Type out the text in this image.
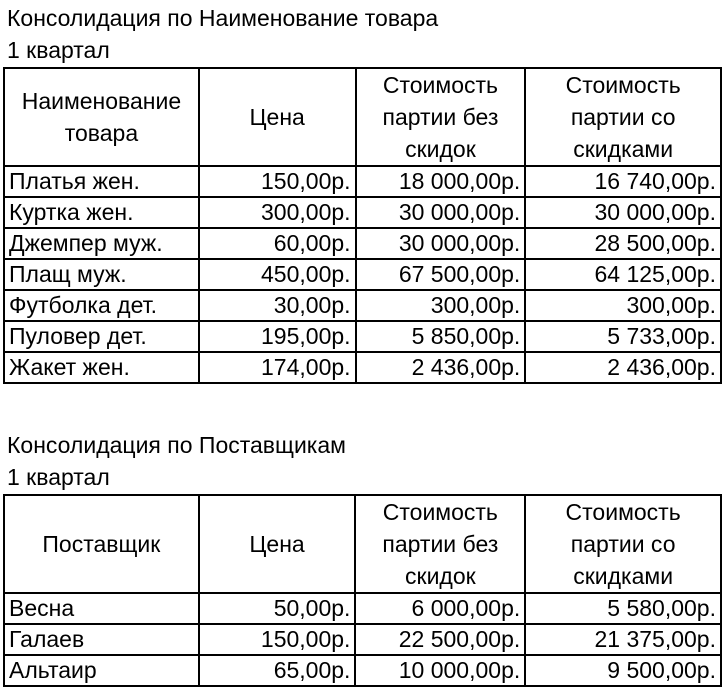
Консолидация по Наименование товара
1 квартал
Наименование товара	Цена	Стоимость партии без скидок	Стоимость партии со скидками
Платья жен.	150,00р.	18 000,00р.	16 740,00р.
Куртка жен.	300,00р.	30 000,00р.	30 000,00р.
Джемпер муж.	60,00р.	30 000,00р.	28 500,00р.
Плащ муж.	450,00р.	67 500,00р.	64 125,00р.
Футболка дет.	30,00р.	300,00р.	300,00р.
Пуловер дет.	195,00р.	5 850,00р.	5 733,00р.
Жакет жен.	174,00р.	2 436,00р.	2 436,00р.
Консолидация по Поставщикам
1 квартал
Поставщик	Цена	Стоимость партии без скидок	Стоимость партии со скидками
Весна	50,00р.	6 000,00р.	5 580,00р.
Галаев	150,00р.	22 500,00р.	21 375,00р.
Альтаир	65,00р.	10 000,00р.	9 500,00р.
